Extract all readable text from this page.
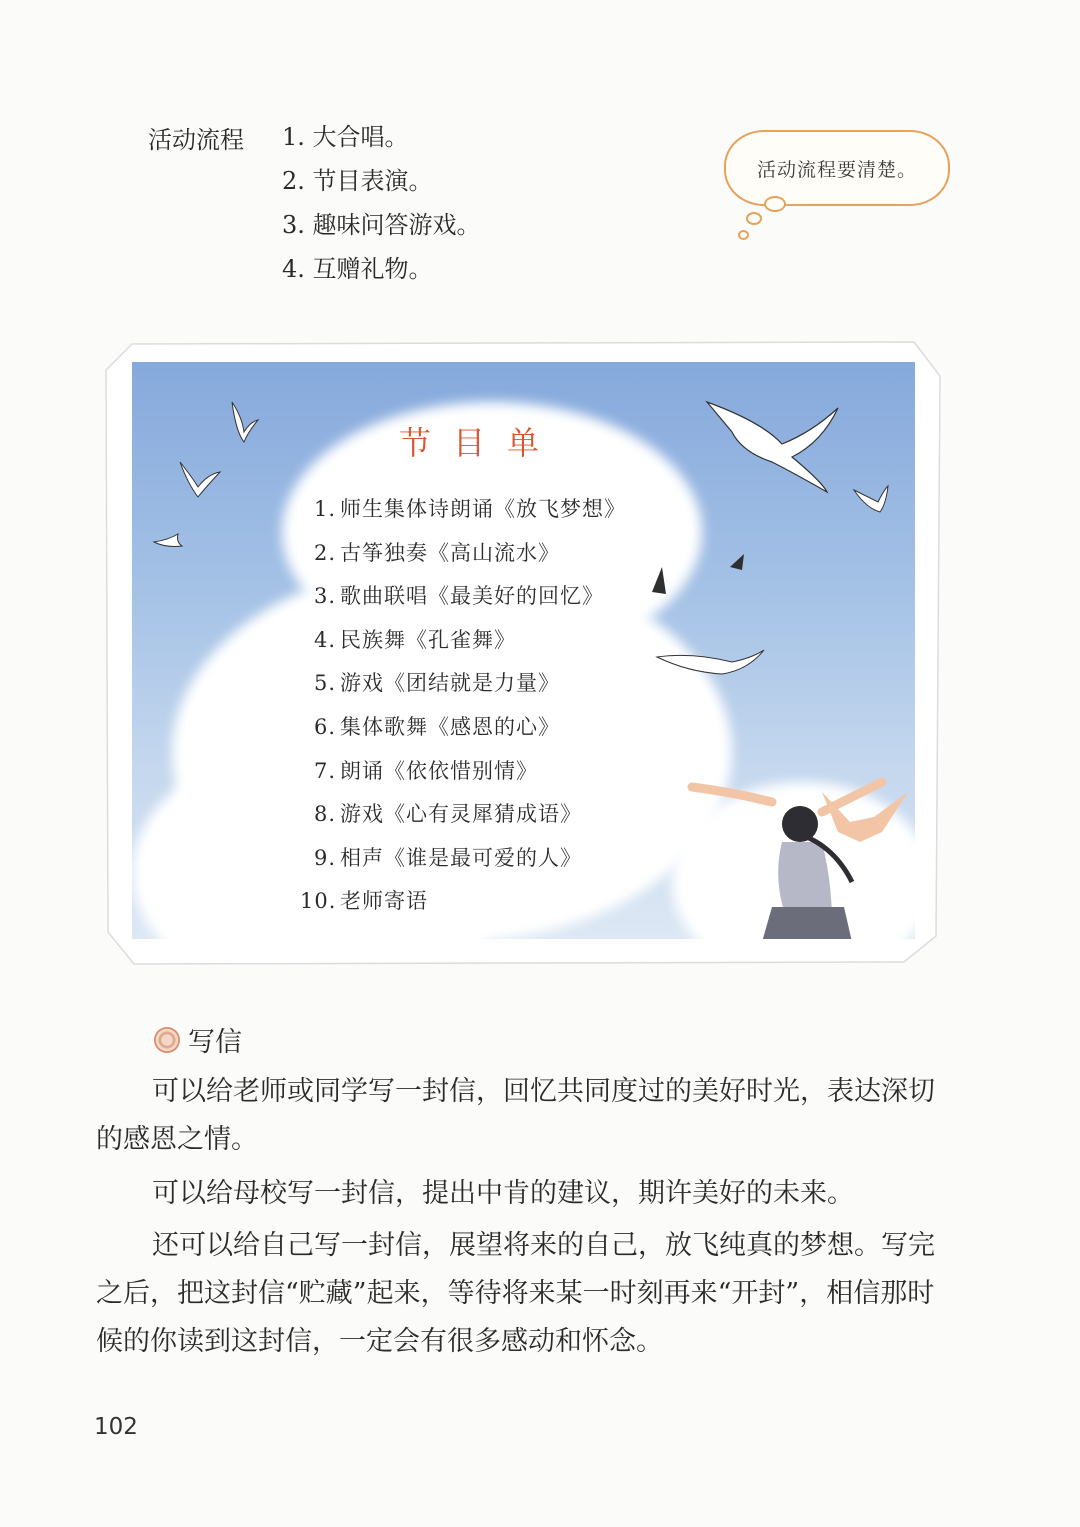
活动流程 1. 大合唱。
2. 节目表演。
3. 趣味问答游戏。
4. 互赠礼物。
活动流程要清楚。
节目单
1. 师生集体诗朗诵《放飞梦想》
2. 古筝独奏《高山流水》
3. 歌曲联唱《最美好的回忆》
4. 民族舞《孔雀舞》
5. 游戏《团结就是力量》
6. 集体歌舞《感恩的心》
7. 朗诵《依依惜别情》
8. 游戏《心有灵犀猜成语》
9. 相声《谁是最可爱的人》
10. 老师寄语
写信

可以给老师或同学写一封信，回忆共同度过的美好时光，表达深切的感恩之情。

可以给母校写一封信，提出中肯的建议，期许美好的未来。

还可以给自己写一封信，展望将来的自己，放飞纯真的梦想。写完之后，把这封信“贮藏”起来，等待将来某一时刻再来“开封”，相信那时候的你读到这封信，一定会有很多感动和怀念。

102
